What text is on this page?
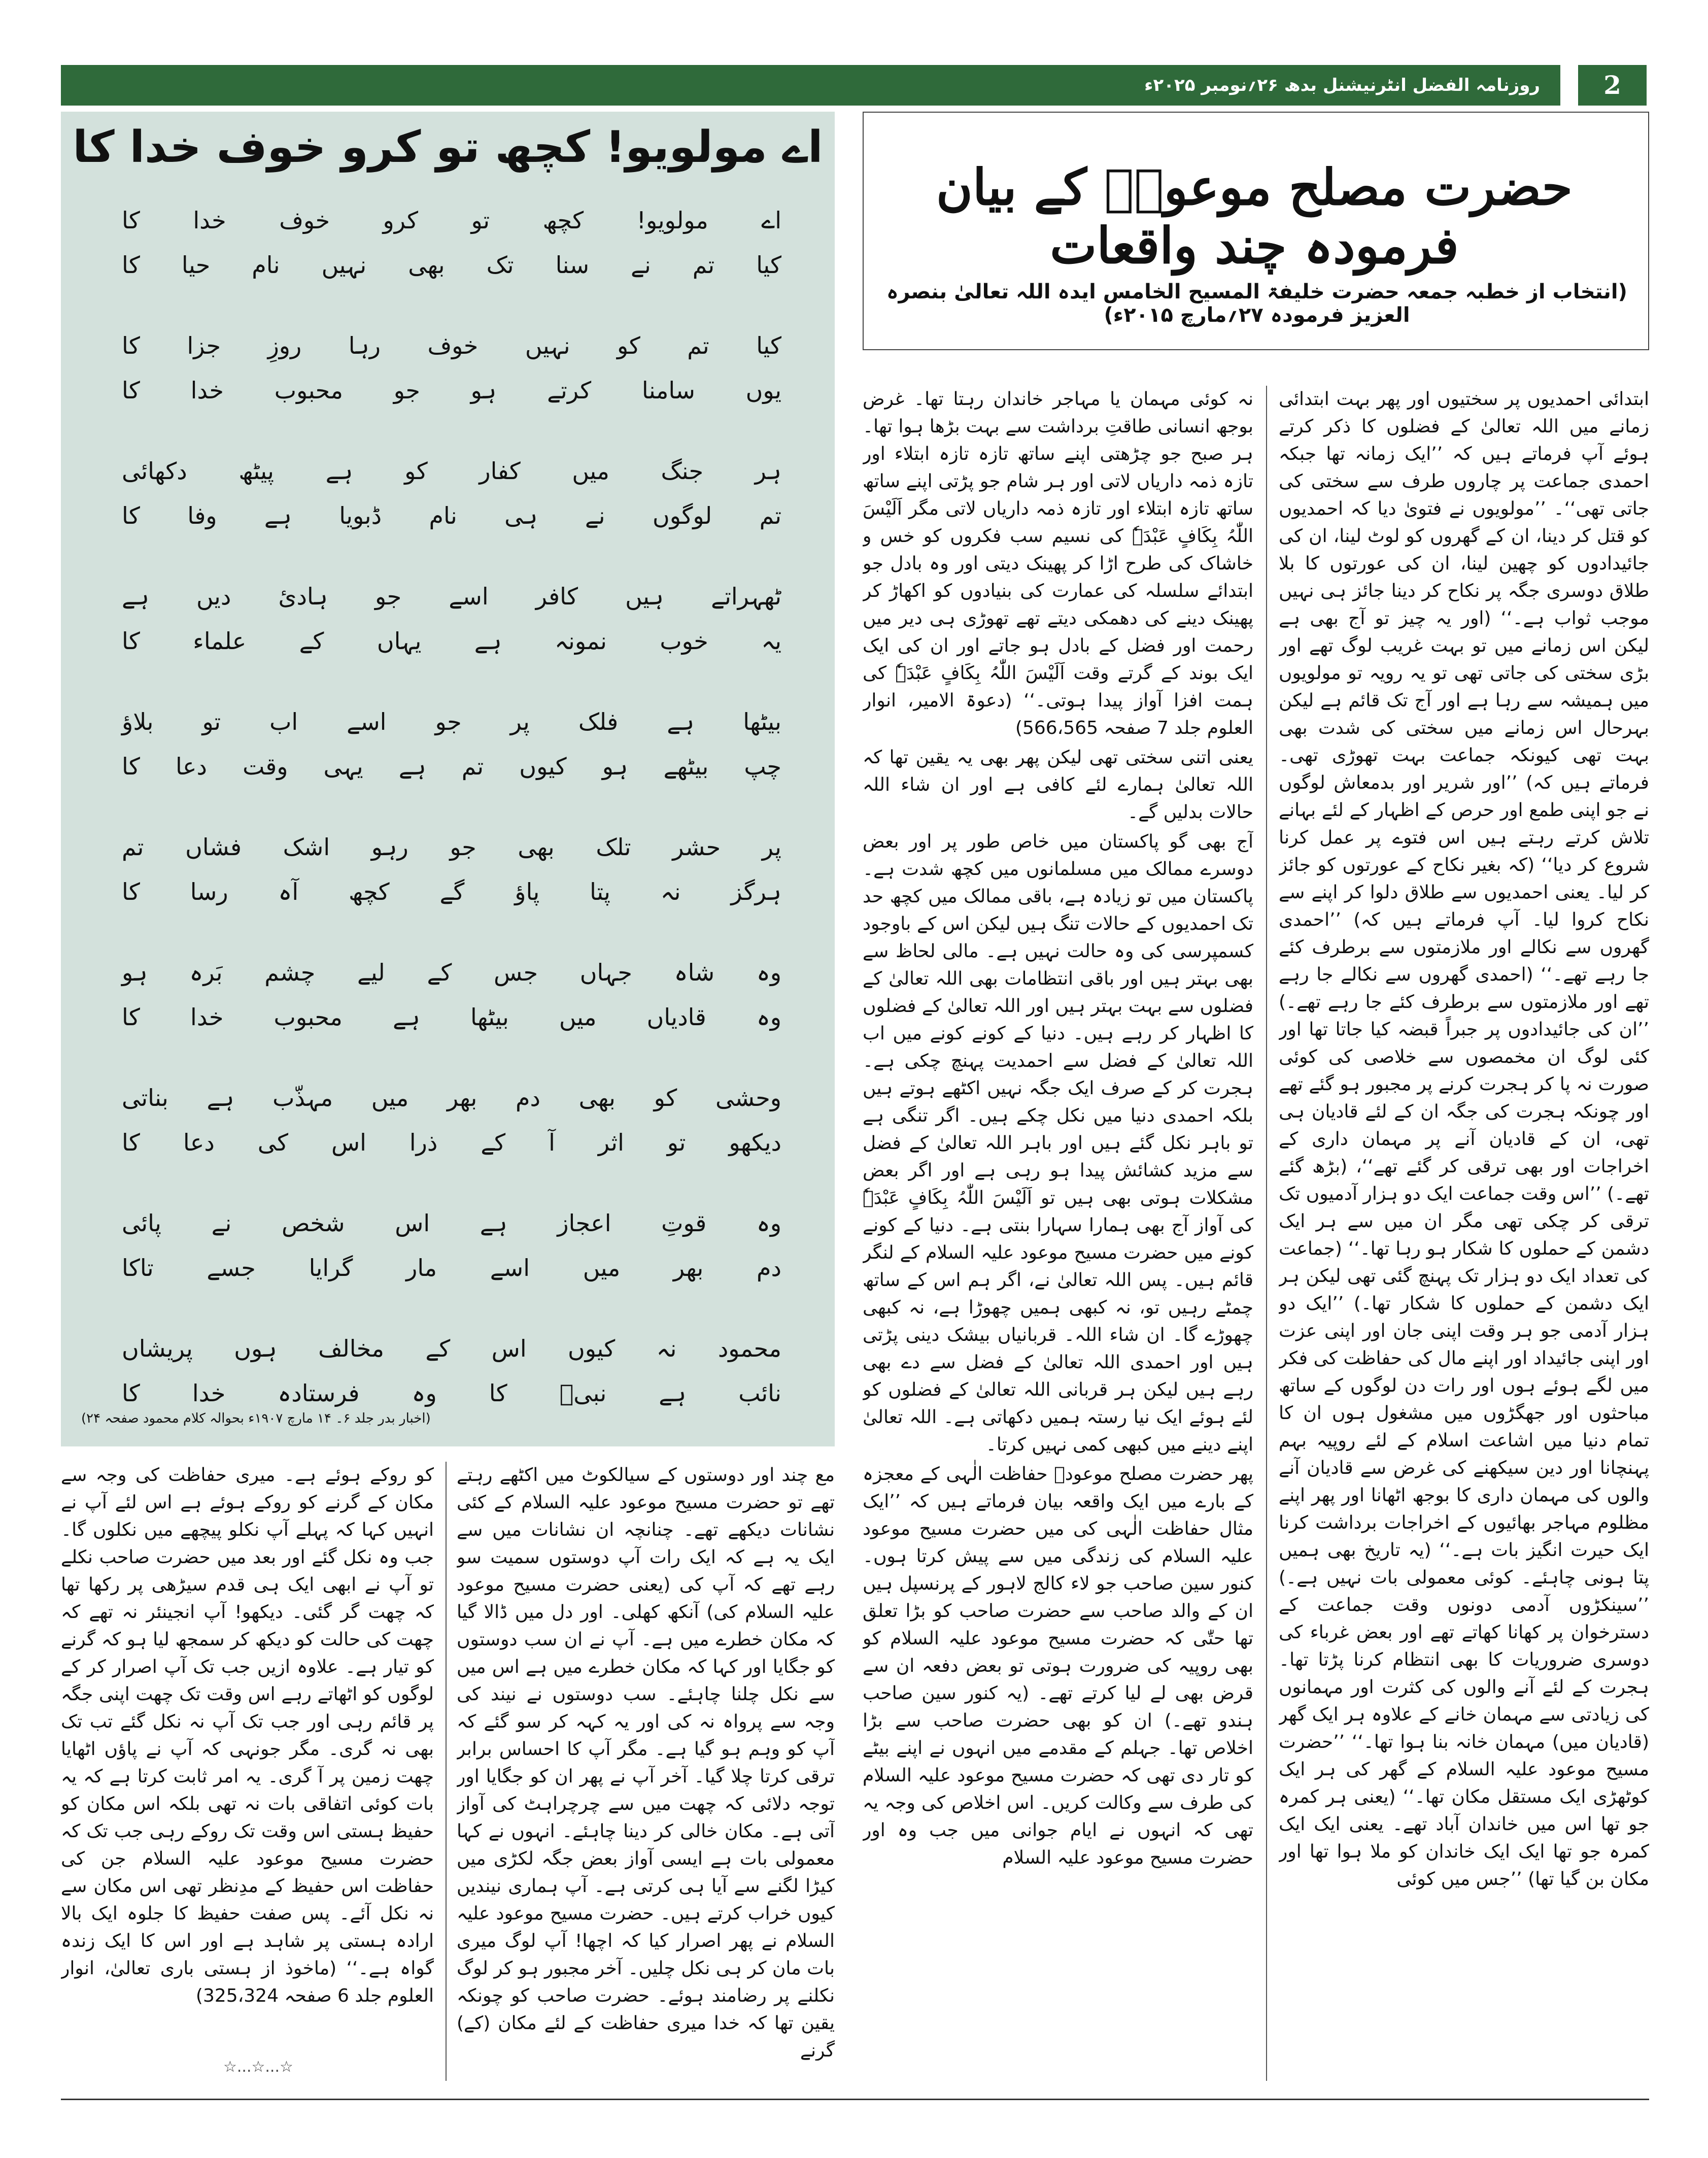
روزنامہ الفضل انٹرنیشنل بدھ ۲۶؍نومبر ۲۰۲۵ء	2
اے مولویو! کچھ تو کرو خوف خدا کا
اے مولویو! کچھ تو کرو خوف خدا کا
کیا تم نے سنا تک بھی نہیں نام حیا کا
کیا تم کو نہیں خوف رہا روزِ جزا کا
یوں سامنا کرتے ہو جو محبوب خدا کا
ہر جنگ میں کفار کو ہے پیٹھ دکھائی
تم لوگوں نے ہی نام ڈبویا ہے وفا کا
ٹھہراتے ہیں کافر اسے جو ہادیٔ دیں ہے
یہ خوب نمونہ ہے یہاں کے علماء کا
بیٹھا ہے فلک پر جو اسے اب تو بلاؤ
چپ بیٹھے ہو کیوں تم ہے یہی وقت دعا کا
پر حشر تلک بھی جو رہو اشک فشاں تم
ہرگز نہ پتا پاؤ گے کچھ آہ رسا کا
وہ شاہ جہاں جس کے لیے چشم بَرہ ہو
وہ قادیاں میں بیٹھا ہے محبوب خدا کا
وحشی کو بھی دم بھر میں مہذّب ہے بناتی
دیکھو تو اثر آ کے ذرا اس کی دعا کا
وہ قوتِ اعجاز ہے اس شخص نے پائی
دم بھر میں اسے مار گرایا جسے تاکا
محمود نہ کیوں اس کے مخالف ہوں پریشاں
نائب ہے نبیؐ کا وہ فرستادہ خدا کا
(اخبار بدر جلد ۶۔ ۱۴ مارچ ۱۹۰۷ء بحوالہ کلام محمود صفحہ ۲۴)
حضرت مصلح موعودؓ کے بیان فرمودہ چند واقعات
(انتخاب از خطبہ جمعہ حضرت خلیفۃ المسیح الخامس ایدہ اللہ تعالیٰ بنصرہ العزیز فرمودہ ۲۷؍مارچ ۲۰۱۵ء)

ابتدائی احمدیوں پر سختیوں اور پھر بہت ابتدائی زمانے میں اللہ تعالیٰ کے فضلوں کا ذکر کرتے ہوئے آپ فرماتے ہیں کہ ’’ایک زمانہ تھا جبکہ احمدی جماعت پر چاروں طرف سے سختی کی جاتی تھی‘‘۔ ’’مولویوں نے فتویٰ دیا کہ احمدیوں کو قتل کر دینا، ان کے گھروں کو لوٹ لینا، ان کی جائیدادوں کو چھین لینا، ان کی عورتوں کا بلا طلاق دوسری جگہ پر نکاح کر دینا جائز ہی نہیں موجب ثواب ہے۔‘‘ (اور یہ چیز تو آج بھی ہے لیکن اس زمانے میں تو بہت غریب لوگ تھے اور بڑی سختی کی جاتی تھی تو یہ رویہ تو مولویوں میں ہمیشہ سے رہا ہے اور آج تک قائم ہے لیکن بہرحال اس زمانے میں سختی کی شدت بھی بہت تھی کیونکہ جماعت بہت تھوڑی تھی۔ فرماتے ہیں کہ) ’’اور شریر اور بدمعاش لوگوں نے جو اپنی طمع اور حرص کے اظہار کے لئے بہانے تلاش کرتے رہتے ہیں اس فتوے پر عمل کرنا شروع کر دیا‘‘ (کہ بغیر نکاح کے عورتوں کو جائز کر لیا۔ یعنی احمدیوں سے طلاق دلوا کر اپنے سے نکاح کروا لیا۔ آپ فرماتے ہیں کہ) ’’احمدی گھروں سے نکالے اور ملازمتوں سے برطرف کئے جا رہے تھے۔‘‘ (احمدی گھروں سے نکالے جا رہے تھے اور ملازمتوں سے برطرف کئے جا رہے تھے۔) ’’ان کی جائیدادوں پر جبراً قبضہ کیا جاتا تھا اور کئی لوگ ان مخمصوں سے خلاصی کی کوئی صورت نہ پا کر ہجرت کرنے پر مجبور ہو گئے تھے اور چونکہ ہجرت کی جگہ ان کے لئے قادیان ہی تھی، ان کے قادیان آنے پر مہمان داری کے اخراجات اور بھی ترقی کر گئے تھے‘‘، (بڑھ گئے تھے۔) ’’اس وقت جماعت ایک دو ہزار آدمیوں تک ترقی کر چکی تھی مگر ان میں سے ہر ایک دشمن کے حملوں کا شکار ہو رہا تھا۔‘‘ (جماعت کی تعداد ایک دو ہزار تک پہنچ گئی تھی لیکن ہر ایک دشمن کے حملوں کا شکار تھا۔) ’’ایک دو ہزار آدمی جو ہر وقت اپنی جان اور اپنی عزت اور اپنی جائیداد اور اپنے مال کی حفاظت کی فکر میں لگے ہوئے ہوں اور رات دن لوگوں کے ساتھ مباحثوں اور جھگڑوں میں مشغول ہوں ان کا تمام دنیا میں اشاعت اسلام کے لئے روپیہ بہم پہنچانا اور دین سیکھنے کی غرض سے قادیان آنے والوں کی مہمان داری کا بوجھ اٹھانا اور پھر اپنے مظلوم مہاجر بھائیوں کے اخراجات برداشت کرنا ایک حیرت انگیز بات ہے۔‘‘ (یہ تاریخ بھی ہمیں پتا ہونی چاہئے۔ کوئی معمولی بات نہیں ہے۔) ’’سینکڑوں آدمی دونوں وقت جماعت کے دسترخوان پر کھانا کھاتے تھے اور بعض غرباء کی دوسری ضروریات کا بھی انتظام کرنا پڑتا تھا۔ ہجرت کے لئے آنے والوں کی کثرت اور مہمانوں کی زیادتی سے مہمان خانے کے علاوہ ہر ایک گھر (قادیان میں) مہمان خانہ بنا ہوا تھا۔‘‘ ’’حضرت مسیح موعود علیہ السلام کے گھر کی ہر ایک کوٹھڑی ایک مستقل مکان تھا۔‘‘ (یعنی ہر کمرہ جو تھا اس میں خاندان آباد تھے۔ یعنی ایک ایک کمرہ جو تھا ایک ایک خاندان کو ملا ہوا تھا اور مکان بن گیا تھا) ’’جس میں کوئی

نہ کوئی مہمان یا مہاجر خاندان رہتا تھا۔ غرض بوجھ انسانی طاقتِ برداشت سے بہت بڑھا ہوا تھا۔ ہر صبح جو چڑھتی اپنے ساتھ تازہ تازہ ابتلاء اور تازہ ذمہ داریاں لاتی اور ہر شام جو پڑتی اپنے ساتھ ساتھ تازہ ابتلاء اور تازہ ذمہ داریاں لاتی مگر اَلَیْسَ اللّٰہُ بِکَافٍ عَبْدَہٗ کی نسیم سب فکروں کو خس و خاشاک کی طرح اڑا کر پھینک دیتی اور وہ بادل جو ابتدائے سلسلہ کی عمارت کی بنیادوں کو اکھاڑ کر پھینک دینے کی دھمکی دیتے تھے تھوڑی ہی دیر میں رحمت اور فضل کے بادل ہو جاتے اور ان کی ایک ایک بوند کے گرتے وقت اَلَیْسَ اللّٰہُ بِکَافٍ عَبْدَہٗ کی ہمت افزا آواز پیدا ہوتی۔‘‘ (دعوۃ الامیر، انوار العلوم جلد 7 صفحہ 566،565)

یعنی اتنی سختی تھی لیکن پھر بھی یہ یقین تھا کہ اللہ تعالیٰ ہمارے لئے کافی ہے اور ان شاء اللہ حالات بدلیں گے۔

آج بھی گو پاکستان میں خاص طور پر اور بعض دوسرے ممالک میں مسلمانوں میں کچھ شدت ہے۔ پاکستان میں تو زیادہ ہے، باقی ممالک میں کچھ حد تک احمدیوں کے حالات تنگ ہیں لیکن اس کے باوجود کسمپرسی کی وہ حالت نہیں ہے۔ مالی لحاظ سے بھی بہتر ہیں اور باقی انتظامات بھی اللہ تعالیٰ کے فضلوں سے بہت بہتر ہیں اور اللہ تعالیٰ کے فضلوں کا اظہار کر رہے ہیں۔ دنیا کے کونے کونے میں اب اللہ تعالیٰ کے فضل سے احمدیت پہنچ چکی ہے۔ ہجرت کر کے صرف ایک جگہ نہیں اکٹھے ہوتے ہیں بلکہ احمدی دنیا میں نکل چکے ہیں۔ اگر تنگی ہے تو باہر نکل گئے ہیں اور باہر اللہ تعالیٰ کے فضل سے مزید کشائش پیدا ہو رہی ہے اور اگر بعض مشکلات ہوتی بھی ہیں تو اَلَیْسَ اللّٰہُ بِکَافٍ عَبْدَہٗ کی آواز آج بھی ہمارا سہارا بنتی ہے۔ دنیا کے کونے کونے میں حضرت مسیح موعود علیہ السلام کے لنگر قائم ہیں۔ پس اللہ تعالیٰ نے، اگر ہم اس کے ساتھ چمٹے رہیں تو، نہ کبھی ہمیں چھوڑا ہے، نہ کبھی چھوڑے گا۔ ان شاء اللہ۔ قربانیاں بیشک دینی پڑتی ہیں اور احمدی اللہ تعالیٰ کے فضل سے دے بھی رہے ہیں لیکن ہر قربانی اللہ تعالیٰ کے فضلوں کو لئے ہوئے ایک نیا رستہ ہمیں دکھاتی ہے۔ اللہ تعالیٰ اپنے دینے میں کبھی کمی نہیں کرتا۔

پھر حضرت مصلح موعودؓ حفاظت الٰہی کے معجزہ کے بارے میں ایک واقعہ بیان فرماتے ہیں کہ ’’ایک مثال حفاظت الٰہی کی میں حضرت مسیح موعود علیہ السلام کی زندگی میں سے پیش کرتا ہوں۔ کنور سین صاحب جو لاء کالج لاہور کے پرنسپل ہیں ان کے والد صاحب سے حضرت صاحب کو بڑا تعلق تھا حتّٰی کہ حضرت مسیح موعود علیہ السلام کو بھی روپیہ کی ضرورت ہوتی تو بعض دفعہ ان سے قرض بھی لے لیا کرتے تھے۔ (یہ کنور سین صاحب ہندو تھے۔) ان کو بھی حضرت صاحب سے بڑا اخلاص تھا۔ جہلم کے مقدمے میں انہوں نے اپنے بیٹے کو تار دی تھی کہ حضرت مسیح موعود علیہ السلام کی طرف سے وکالت کریں۔ اس اخلاص کی وجہ یہ تھی کہ انہوں نے ایام جوانی میں جب وہ اور حضرت مسیح موعود علیہ السلام

مع چند اور دوستوں کے سیالکوٹ میں اکٹھے رہتے تھے تو حضرت مسیح موعود علیہ السلام کے کئی نشانات دیکھے تھے۔ چنانچہ ان نشانات میں سے ایک یہ ہے کہ ایک رات آپ دوستوں سمیت سو رہے تھے کہ آپ کی (یعنی حضرت مسیح موعود علیہ السلام کی) آنکھ کھلی۔ اور دل میں ڈالا گیا کہ مکان خطرے میں ہے۔ آپ نے ان سب دوستوں کو جگایا اور کہا کہ مکان خطرے میں ہے اس میں سے نکل چلنا چاہئے۔ سب دوستوں نے نیند کی وجہ سے پرواہ نہ کی اور یہ کہہ کر سو گئے کہ آپ کو وہم ہو گیا ہے۔ مگر آپ کا احساس برابر ترقی کرتا چلا گیا۔ آخر آپ نے پھر ان کو جگایا اور توجہ دلائی کہ چھت میں سے چرچراہٹ کی آواز آتی ہے۔ مکان خالی کر دینا چاہئے۔ انہوں نے کہا معمولی بات ہے ایسی آواز بعض جگہ لکڑی میں کیڑا لگنے سے آیا ہی کرتی ہے۔ آپ ہماری نیندیں کیوں خراب کرتے ہیں۔ حضرت مسیح موعود علیہ السلام نے پھر اصرار کیا کہ اچھا! آپ لوگ میری بات مان کر ہی نکل چلیں۔ آخر مجبور ہو کر لوگ نکلنے پر رضامند ہوئے۔ حضرت صاحب کو چونکہ یقین تھا کہ خدا میری حفاظت کے لئے مکان (کے) گرنے

کو روکے ہوئے ہے۔ میری حفاظت کی وجہ سے مکان کے گرنے کو روکے ہوئے ہے اس لئے آپ نے انہیں کہا کہ پہلے آپ نکلو پیچھے میں نکلوں گا۔ جب وہ نکل گئے اور بعد میں حضرت صاحب نکلے تو آپ نے ابھی ایک ہی قدم سیڑھی پر رکھا تھا کہ چھت گر گئی۔ دیکھو! آپ انجینئر نہ تھے کہ چھت کی حالت کو دیکھ کر سمجھ لیا ہو کہ گرنے کو تیار ہے۔ علاوہ ازیں جب تک آپ اصرار کر کے لوگوں کو اٹھاتے رہے اس وقت تک چھت اپنی جگہ پر قائم رہی اور جب تک آپ نہ نکل گئے تب تک بھی نہ گری۔ مگر جونہی کہ آپ نے پاؤں اٹھایا چھت زمین پر آ گری۔ یہ امر ثابت کرتا ہے کہ یہ بات کوئی اتفاقی بات نہ تھی بلکہ اس مکان کو حفیظ ہستی اس وقت تک روکے رہی جب تک کہ حضرت مسیح موعود علیہ السلام جن کی حفاظت اس حفیظ کے مدِنظر تھی اس مکان سے نہ نکل آئے۔ پس صفت حفیظ کا جلوہ ایک بالا ارادہ ہستی پر شاہد ہے اور اس کا ایک زندہ گواہ ہے۔‘‘ (ماخوذ از ہستی باری تعالیٰ، انوار العلوم جلد 6 صفحہ 325،324)

☆...☆...☆
